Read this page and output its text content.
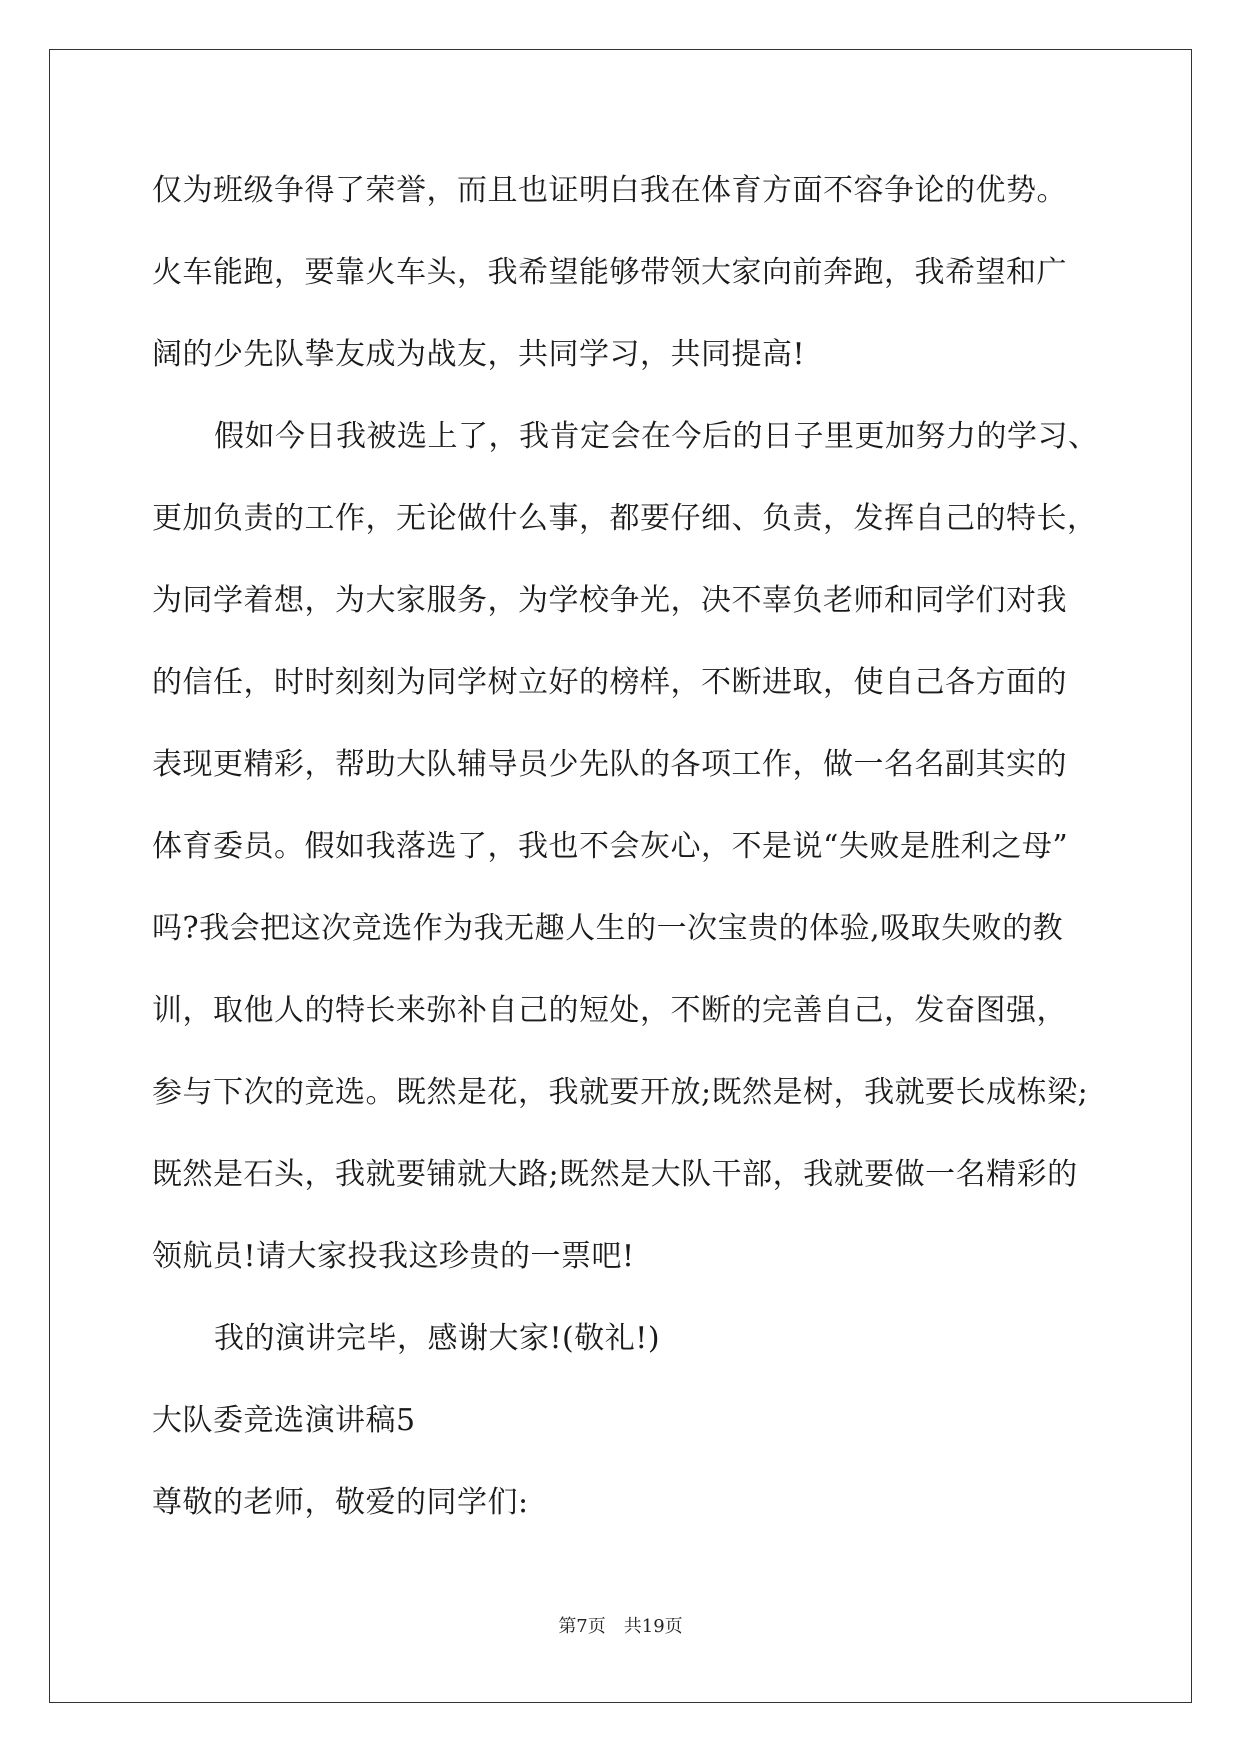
仅为班级争得了荣誉，而且也证明白我在体育方面不容争论的优势。
火车能跑，要靠火车头，我希望能够带领大家向前奔跑，我希望和广
阔的少先队挚友成为战友，共同学习，共同提高!
假如今日我被选上了，我肯定会在今后的日子里更加努力的学习、
更加负责的工作，无论做什么事，都要仔细、负责，发挥自己的特长，
为同学着想，为大家服务，为学校争光，决不辜负老师和同学们对我
的信任，时时刻刻为同学树立好的榜样，不断进取，使自己各方面的
表现更精彩，帮助大队辅导员少先队的各项工作，做一名名副其实的
体育委员。假如我落选了，我也不会灰心，不是说“失败是胜利之母”
吗?我会把这次竞选作为我无趣人生的一次宝贵的体验,吸取失败的教
训，取他人的特长来弥补自己的短处，不断的完善自己，发奋图强，
参与下次的竞选。既然是花，我就要开放;既然是树，我就要长成栋梁;
既然是石头，我就要铺就大路;既然是大队干部，我就要做一名精彩的
领航员!请大家投我这珍贵的一票吧!
我的演讲完毕，感谢大家!(敬礼!)
大队委竞选演讲稿5
尊敬的老师，敬爱的同学们:
第7页　共19页
